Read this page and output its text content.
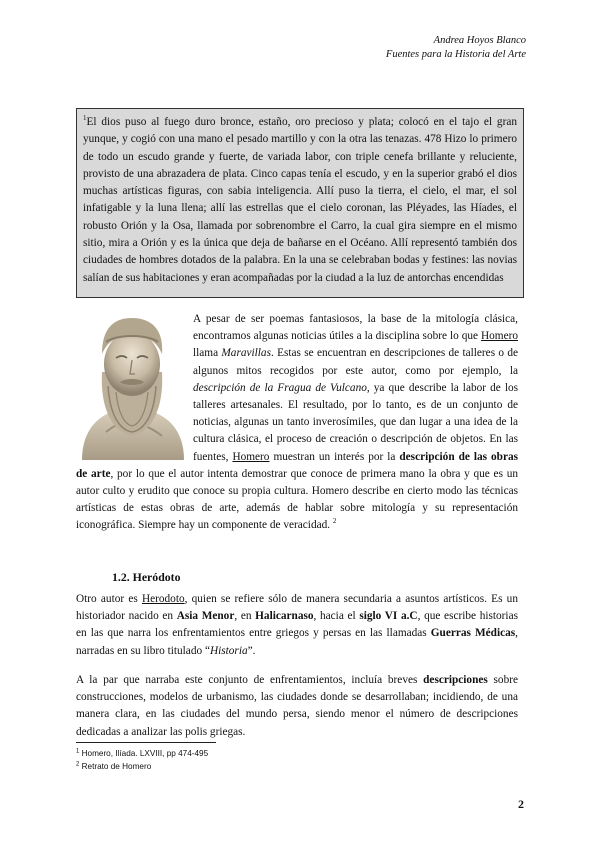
Andrea Hoyos Blanco
Fuentes para la Historia del Arte
$^1$El dios puso al fuego duro bronce, estaño, oro precioso y plata; colocó en el tajo el gran yunque, y cogió con una mano el pesado martillo y con la otra las tenazas. 478 Hizo lo primero de todo un escudo grande y fuerte, de variada labor, con triple cenefa brillante y reluciente, provisto de una abrazadera de plata. Cinco capas tenía el escudo, y en la superior grabó el dios muchas artísticas figuras, con sabia inteligencia. Allí puso la tierra, el cielo, el mar, el sol infatigable y la luna llena; allí las estrellas que el cielo coronan, las Pléyades, las Híades, el robusto Orión y la Osa, llamada por sobrenombre el Carro, la cual gira siempre en el mismo sitio, mira a Orión y es la única que deja de bañarse en el Océano. Allí representó también dos ciudades de hombres dotados de la palabra. En la una se celebraban bodas y festines: las novias salían de sus habitaciones y eran acompañadas por la ciudad a la luz de antorchas encendidas
A pesar de ser poemas fantasiosos, la base de la mitología clásica, encontramos algunas noticias útiles a la disciplina sobre lo que Homero llama Maravillas. Estas se encuentran en descripciones de talleres o de algunos mitos recogidos por este autor, como por ejemplo, la descripción de la Fragua de Vulcano, ya que describe la labor de los talleres artesanales. El resultado, por lo tanto, es de un conjunto de noticias, algunas un tanto inverosímiles, que dan lugar a una idea de la cultura clásica, el proceso de creación o descripción de objetos. En las fuentes, Homero muestran un interés por la descripción de las obras de arte, por lo que el autor intenta demostrar que conoce de primera mano la obra y que es un autor culto y erudito que conoce su propia cultura. Homero describe en cierto modo las técnicas artísticas de estas obras de arte, además de hablar sobre mitología y su representación iconográfica. Siempre hay un componente de veracidad. $^2$
1.2. Heródoto
Otro autor es Herodoto, quien se refiere sólo de manera secundaria a asuntos artísticos. Es un historiador nacido en Asia Menor, en Halicarnaso, hacia el siglo VI a.C, que escribe historias en las que narra los enfrentamientos entre griegos y persas en las llamadas Guerras Médicas, narradas en su libro titulado “Historia”.
A la par que narraba este conjunto de enfrentamientos, incluía breves descripciones sobre construcciones, modelos de urbanismo, las ciudades donde se desarrollaban; incidiendo, de una manera clara, en las ciudades del mundo persa, siendo menor el número de descripciones dedicadas a analizar las polis griegas.
$^1$ Homero, Ilíada. LXVIII, pp 474-495
$^2$ Retrato de Homero
2
